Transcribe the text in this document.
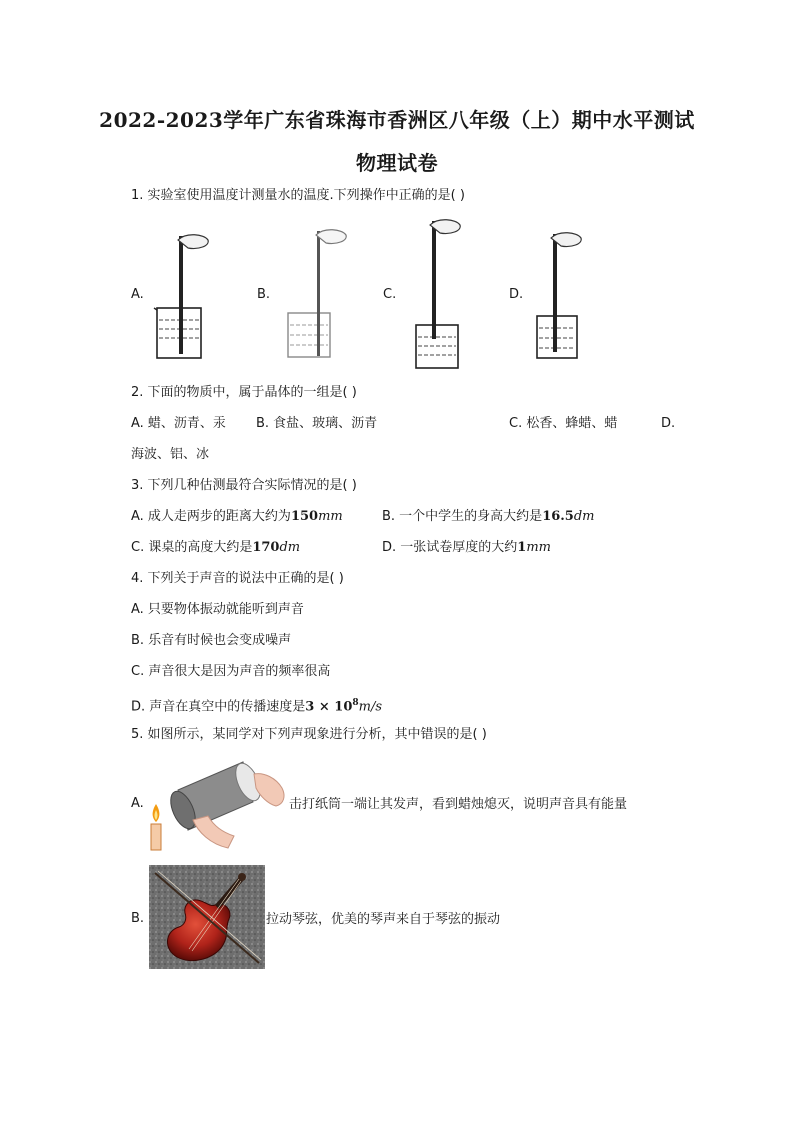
2022-2023学年广东省珠海市香洲区八年级（上）期中水平测试
物理试卷
1. 实验室使用温度计测量水的温度.下列操作中正确的是( )
A.	B.	C.	D.
2. 下面的物质中，属于晶体的一组是( )
A. 蜡、沥青、汞 B. 食盐、玻璃、沥青	C. 松香、蜂蜡、蜡	D.
海波、铝、冰
3. 下列几种估测最符合实际情况的是( )
A. 成人走两步的距离大约为150mm	B. 一个中学生的身高大约是16.5dm
C. 课桌的高度大约是170dm	D. 一张试卷厚度的大约1mm
4. 下列关于声音的说法中正确的是( )
A. 只要物体振动就能听到声音
B. 乐音有时候也会变成噪声
C. 声音很大是因为声音的频率很高
D. 声音在真空中的传播速度是$3 \times 10^8m/s$
5. 如图所示，某同学对下列声现象进行分析，其中错误的是( )
A.	击打纸筒一端让其发声，看到蜡烛熄灭，说明声音具有能量
B.	拉动琴弦，优美的琴声来自于琴弦的振动
